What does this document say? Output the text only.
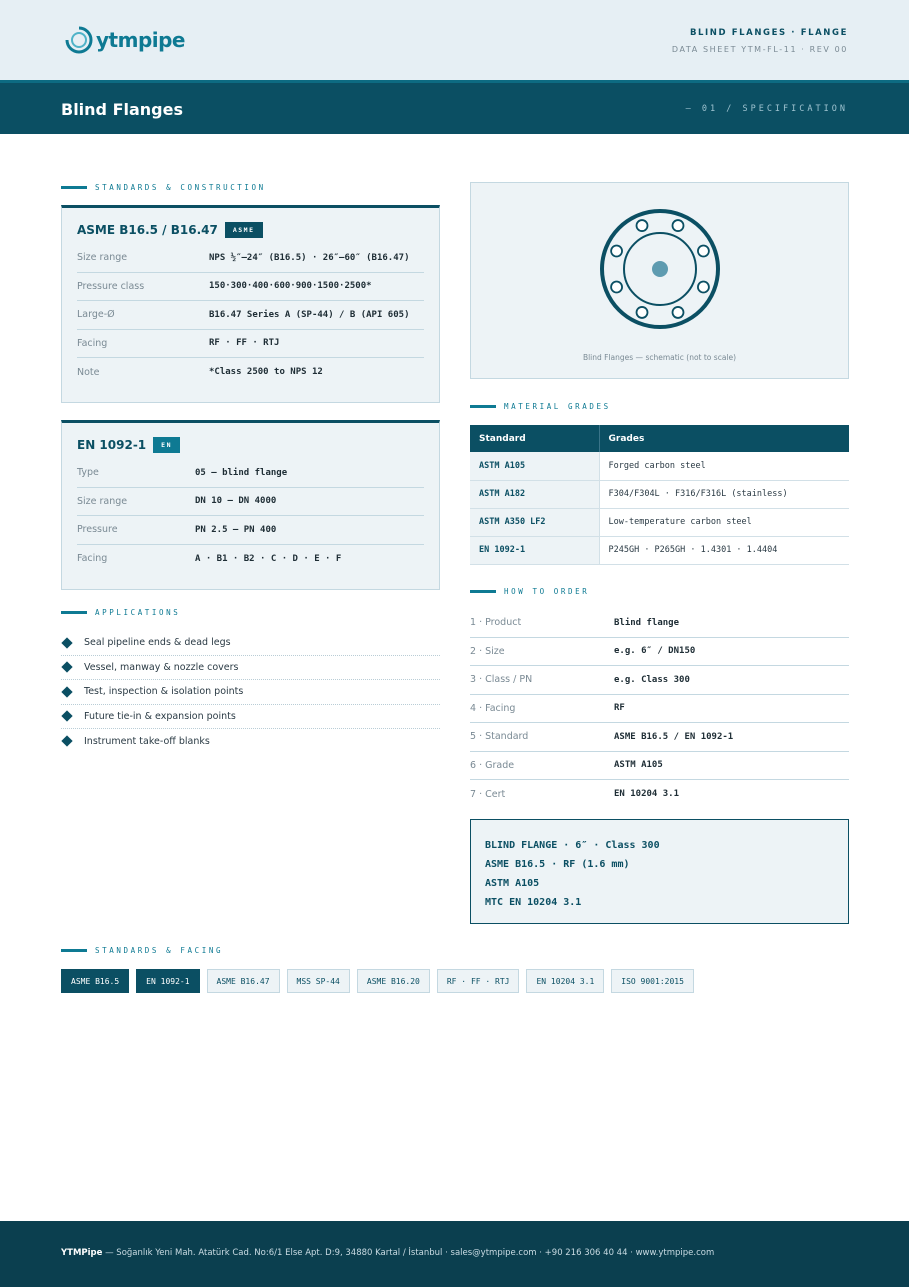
ytmpipe	BLIND FLANGES · FLANGE
DATA SHEET YTM-FL-11 · REV 00
Blind Flanges	— 01 / SPECIFICATION
STANDARDS & CONSTRUCTION
ASME B16.5 / B16.47	ASME
Size range	NPS ½″–24″ (B16.5) · 26″–60″ (B16.47)
Pressure class	150·300·400·600·900·1500·2500*
Large-Ø	B16.47 Series A (SP-44) / B (API 605)
Facing	RF · FF · RTJ
Note	*Class 2500 to NPS 12
EN 1092-1	EN
Type	05 — blind flange
Size range	DN 10 – DN 4000
Pressure	PN 2.5 – PN 400
Facing	A · B1 · B2 · C · D · E · F
APPLICATIONS
Seal pipeline ends & dead legs
Vessel, manway & nozzle covers
Test, inspection & isolation points
Future tie-in & expansion points
Instrument take-off blanks
Blind Flanges — schematic (not to scale)
MATERIAL GRADES
Standard	Grades
ASTM A105	Forged carbon steel
ASTM A182	F304/F304L · F316/F316L (stainless)
ASTM A350 LF2	Low-temperature carbon steel
EN 1092-1	P245GH · P265GH · 1.4301 · 1.4404
HOW TO ORDER
1 · Product	Blind flange
2 · Size	e.g. 6″ / DN150
3 · Class / PN	e.g. Class 300
4 · Facing	RF
5 · Standard	ASME B16.5 / EN 1092-1
6 · Grade	ASTM A105
7 · Cert	EN 10204 3.1
BLIND FLANGE · 6″ · Class 300
ASME B16.5 · RF (1.6 mm)
ASTM A105
MTC EN 10204 3.1
STANDARDS & FACING
ASME B16.5	EN 1092-1	ASME B16.47	MSS SP-44	ASME B16.20	RF · FF · RTJ	EN 10204 3.1	ISO 9001:2015
YTMPipe — Soğanlık Yeni Mah. Atatürk Cad. No:6/1 Else Apt. D:9, 34880 Kartal / İstanbul · sales@ytmpipe.com · +90 216 306 40 44 · www.ytmpipe.com
